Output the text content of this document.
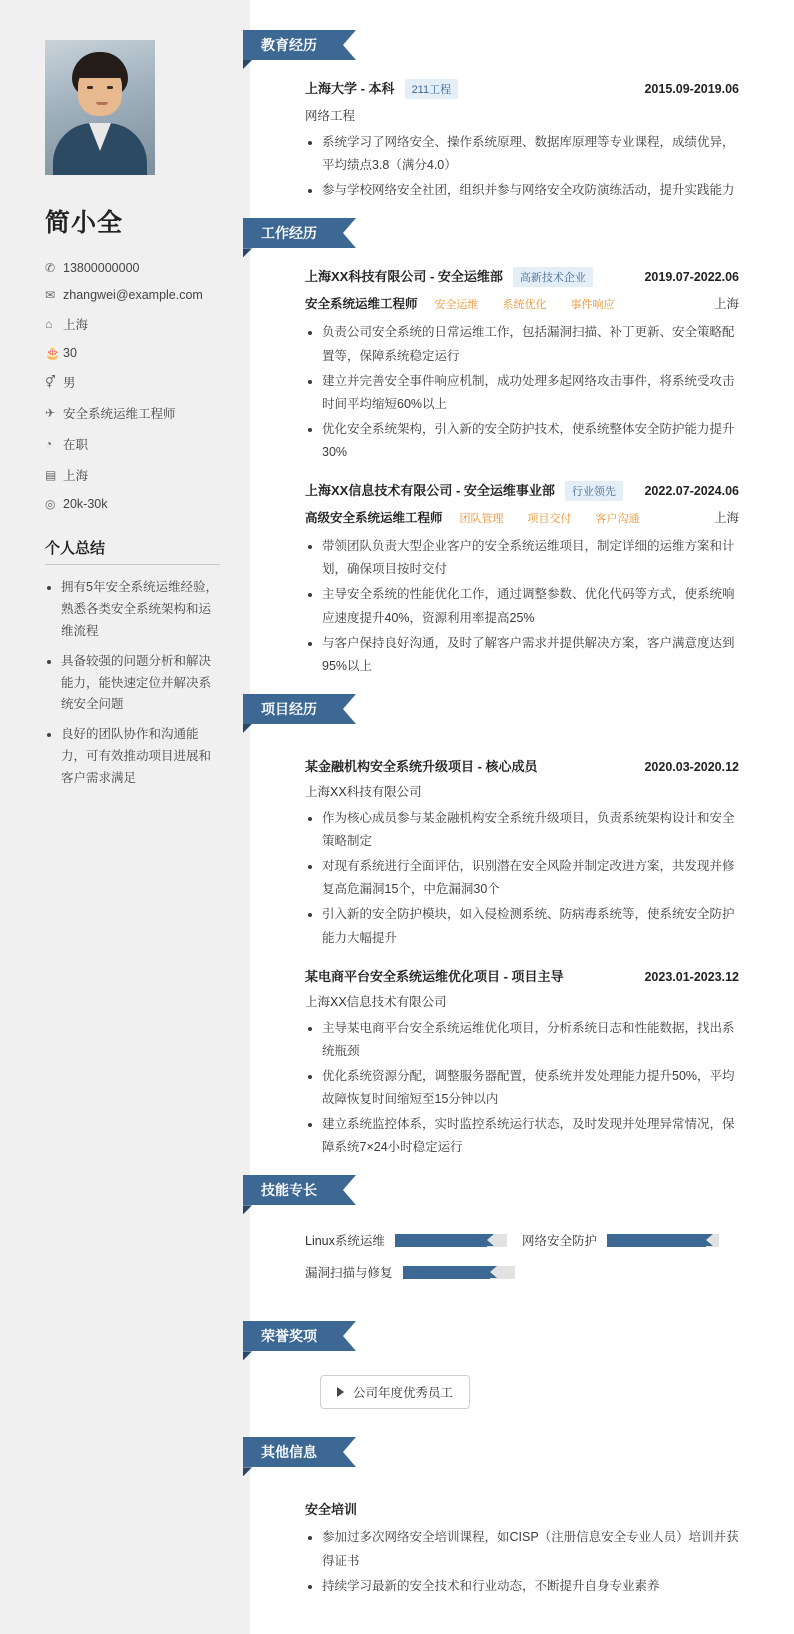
简小全
✆ 13800000000
✉ zhangwei@example.com
⌂ 上海
🎂 30
⚥ 男
✈ 安全系统运维工程师
◔ 在职
▤ 上海
◎ 20k-30k
个人总结
• 拥有5年安全系统运维经验，熟悉各类安全系统架构和运维流程
• 具备较强的问题分析和解决能力，能快速定位并解决系统安全问题
• 良好的团队协作和沟通能力，可有效推动项目进展和客户需求满足
教育经历
上海大学 - 本科	211工程	2015.09-2019.06
网络工程
• 系统学习了网络安全、操作系统原理、数据库原理等专业课程，成绩优异，平均绩点3.8（满分4.0）
• 参与学校网络安全社团，组织并参与网络安全攻防演练活动，提升实践能力
工作经历
上海XX科技有限公司 - 安全运维部	高新技术企业	2019.07-2022.06
安全系统运维工程师	安全运维	系统优化	事件响应	上海
• 负责公司安全系统的日常运维工作，包括漏洞扫描、补丁更新、安全策略配置等，保障系统稳定运行
• 建立并完善安全事件响应机制，成功处理多起网络攻击事件，将系统受攻击时间平均缩短60%以上
• 优化安全系统架构，引入新的安全防护技术，使系统整体安全防护能力提升30%
上海XX信息技术有限公司 - 安全运维事业部	行业领先	2022.07-2024.06
高级安全系统运维工程师	团队管理	项目交付	客户沟通	上海
• 带领团队负责大型企业客户的安全系统运维项目，制定详细的运维方案和计划，确保项目按时交付
• 主导安全系统的性能优化工作，通过调整参数、优化代码等方式，使系统响应速度提升40%，资源利用率提高25%
• 与客户保持良好沟通，及时了解客户需求并提供解决方案，客户满意度达到95%以上
项目经历
某金融机构安全系统升级项目 - 核心成员	2020.03-2020.12
上海XX科技有限公司
• 作为核心成员参与某金融机构安全系统升级项目，负责系统架构设计和安全策略制定
• 对现有系统进行全面评估，识别潜在安全风险并制定改进方案，共发现并修复高危漏洞15个，中危漏洞30个
• 引入新的安全防护模块，如入侵检测系统、防病毒系统等，使系统安全防护能力大幅提升
某电商平台安全系统运维优化项目 - 项目主导	2023.01-2023.12
上海XX信息技术有限公司
• 主导某电商平台安全系统运维优化项目，分析系统日志和性能数据，找出系统瓶颈
• 优化系统资源分配，调整服务器配置，使系统并发处理能力提升50%，平均故障恢复时间缩短至15分钟以内
• 建立系统监控体系，实时监控系统运行状态，及时发现并处理异常情况，保障系统7×24小时稳定运行
技能专长
Linux系统运维	网络安全防护
漏洞扫描与修复
荣誉奖项
公司年度优秀员工
其他信息
安全培训
• 参加过多次网络安全培训课程，如CISP（注册信息安全专业人员）培训并获得证书
• 持续学习最新的安全技术和行业动态，不断提升自身专业素养
